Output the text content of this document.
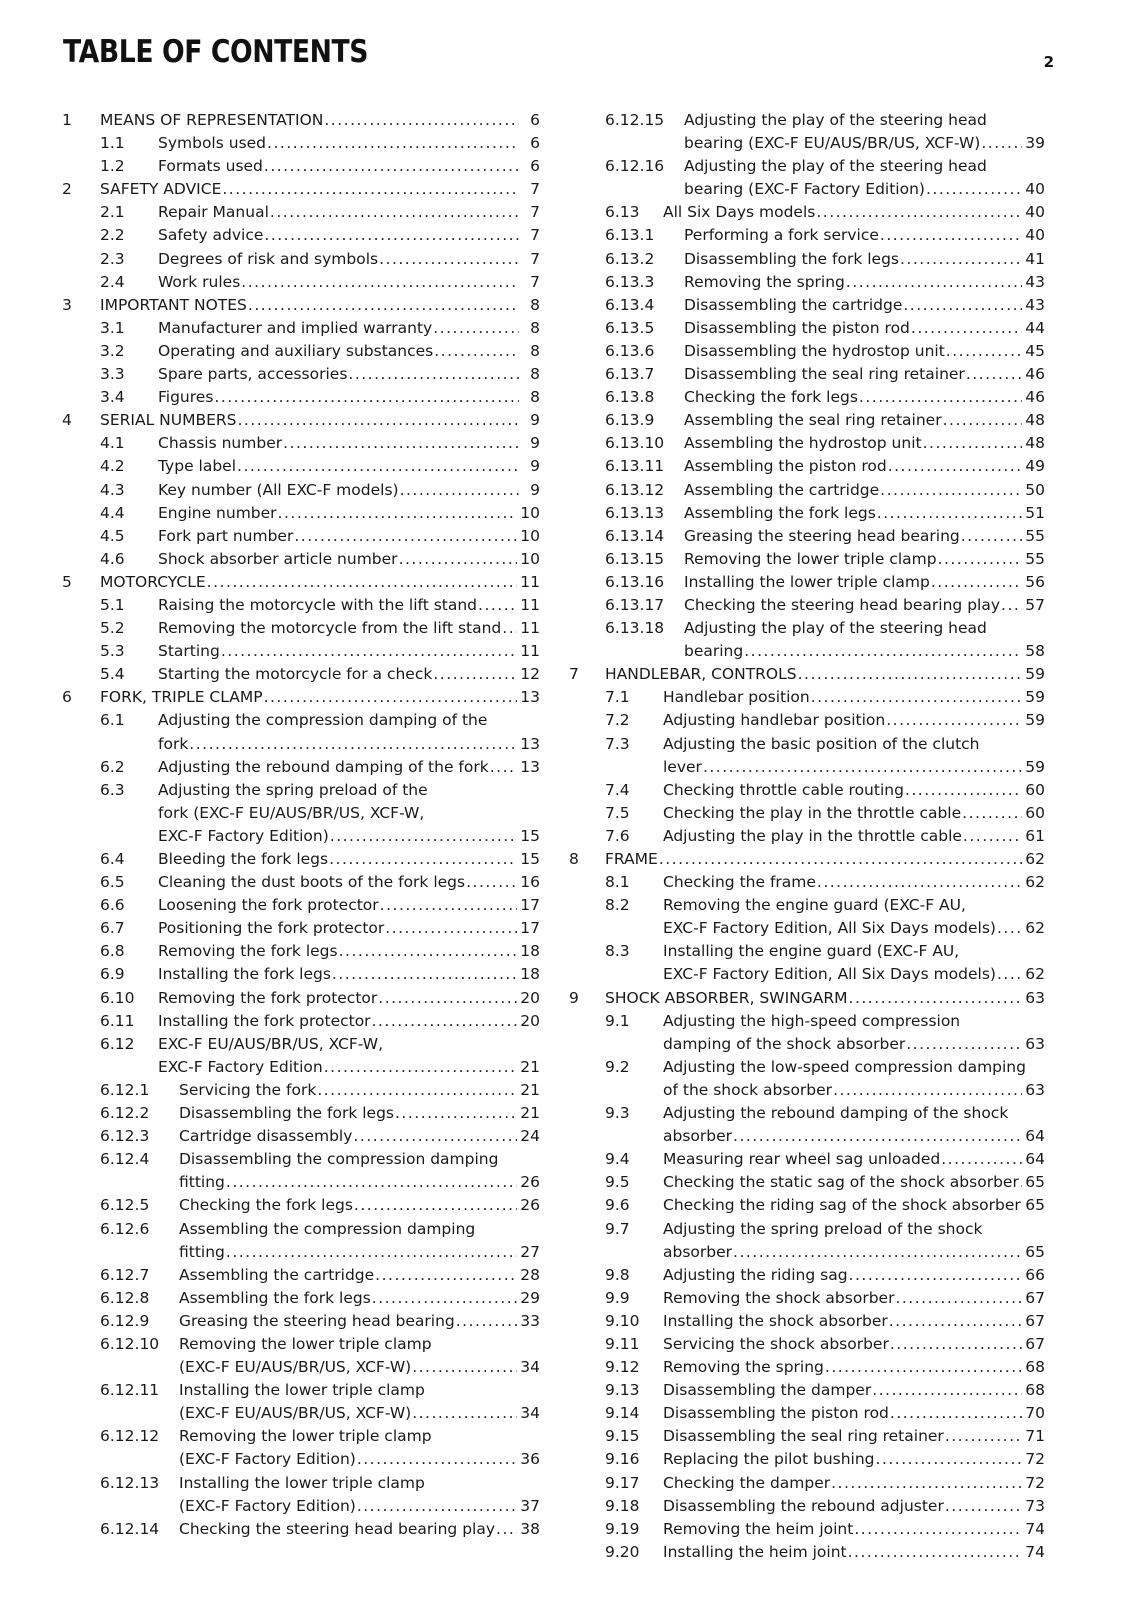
TABLE OF CONTENTS	2
1 MEANS OF REPRESENTATION .....	6
1.1 Symbols used .....	6
1.2 Formats used .....	6
2 SAFETY ADVICE .....	7
2.1 Repair Manual .....	7
2.2 Safety advice .....	7
2.3 Degrees of risk and symbols .....	7
2.4 Work rules .....	7
3 IMPORTANT NOTES .....	8
3.1 Manufacturer and implied warranty .....	8
3.2 Operating and auxiliary substances .....	8
3.3 Spare parts, accessories .....	8
3.4 Figures .....	8
4 SERIAL NUMBERS .....	9
4.1 Chassis number .....	9
4.2 Type label .....	9
4.3 Key number (All EXC-F models) .....	9
4.4 Engine number .....	10
4.5 Fork part number .....	10
4.6 Shock absorber article number .....	10
5 MOTORCYCLE .....	11
5.1 Raising the motorcycle with the lift stand .....	11
5.2 Removing the motorcycle from the lift stand ..... 11
5.3 Starting .....	11
5.4 Starting the motorcycle for a check .....	12
6 FORK, TRIPLE CLAMP .....	13
6.1 Adjusting the compression damping of the
fork .....	13
6.2 Adjusting the rebound damping of the fork ..... 13
6.3 Adjusting the spring preload of the
fork (EXC-F EU/AUS/BR/US, XCF-W,
EXC-F Factory Edition) .....	15
6.4 Bleeding the fork legs .....	15
6.5 Cleaning the dust boots of the fork legs .....	16
6.6 Loosening the fork protector .....	17
6.7 Positioning the fork protector .....	17
6.8 Removing the fork legs .....	18
6.9 Installing the fork legs .....	18
6.10 Removing the fork protector .....	20
6.11 Installing the fork protector .....	20
6.12 EXC-F EU/AUS/BR/US, XCF-W,
EXC-F Factory Edition .....	21
6.12.1 Servicing the fork .....	21
6.12.2 Disassembling the fork legs .....	21
6.12.3 Cartridge disassembly .....	24
6.12.4 Disassembling the compression damping
fitting .....	26
6.12.5 Checking the fork legs .....	26
6.12.6 Assembling the compression damping
fitting .....	27
6.12.7 Assembling the cartridge .....	28
6.12.8 Assembling the fork legs .....	29
6.12.9 Greasing the steering head bearing .....	33
6.12.10 Removing the lower triple clamp
(EXC-F EU/AUS/BR/US, XCF-W) .....	34
6.12.11 Installing the lower triple clamp
(EXC-F EU/AUS/BR/US, XCF-W) .....	34
6.12.12 Removing the lower triple clamp
(EXC-F Factory Edition) .....	36
6.12.13 Installing the lower triple clamp
(EXC-F Factory Edition) .....	37
6.12.14 Checking the steering head bearing play ..... 38
6.12.15 Adjusting the play of the steering head
bearing (EXC-F EU/AUS/BR/US, XCF-W) .....	39
6.12.16 Adjusting the play of the steering head
bearing (EXC-F Factory Edition) .....	40
6.13 All Six Days models .....	40
6.13.1 Performing a fork service .....	40
6.13.2 Disassembling the fork legs .....	41
6.13.3 Removing the spring .....	43
6.13.4 Disassembling the cartridge .....	43
6.13.5 Disassembling the piston rod .....	44
6.13.6 Disassembling the hydrostop unit .....	45
6.13.7 Disassembling the seal ring retainer .....	46
6.13.8 Checking the fork legs .....	46
6.13.9 Assembling the seal ring retainer .....	48
6.13.10 Assembling the hydrostop unit .....	48
6.13.11 Assembling the piston rod .....	49
6.13.12 Assembling the cartridge .....	50
6.13.13 Assembling the fork legs .....	51
6.13.14 Greasing the steering head bearing .....	55
6.13.15 Removing the lower triple clamp .....	55
6.13.16 Installing the lower triple clamp .....	56
6.13.17 Checking the steering head bearing play ..... 57
6.13.18 Adjusting the play of the steering head
bearing .....	58
7 HANDLEBAR, CONTROLS .....	59
7.1 Handlebar position .....	59
7.2 Adjusting handlebar position .....	59
7.3 Adjusting the basic position of the clutch
lever .....	59
7.4 Checking throttle cable routing .....	60
7.5 Checking the play in the throttle cable .....	60
7.6 Adjusting the play in the throttle cable .....	61
8 FRAME .....	62
8.1 Checking the frame .....	62
8.2 Removing the engine guard (EXC-F AU,
EXC-F Factory Edition, All Six Days models) ..... 62
8.3 Installing the engine guard (EXC-F AU,
EXC-F Factory Edition, All Six Days models) ..... 62
9 SHOCK ABSORBER, SWINGARM .....	63
9.1 Adjusting the high-speed compression
damping of the shock absorber .....	63
9.2 Adjusting the low-speed compression damping
of the shock absorber .....	63
9.3 Adjusting the rebound damping of the shock
absorber .....	64
9.4 Measuring rear wheel sag unloaded .....	64
9.5 Checking the static sag of the shock absorber ..... 65
9.6 Checking the riding sag of the shock absorber ..... 65
9.7 Adjusting the spring preload of the shock
absorber .....	65
9.8 Adjusting the riding sag .....	66
9.9 Removing the shock absorber .....	67
9.10 Installing the shock absorber .....	67
9.11 Servicing the shock absorber .....	67
9.12 Removing the spring .....	68
9.13 Disassembling the damper .....	68
9.14 Disassembling the piston rod .....	70
9.15 Disassembling the seal ring retainer .....	71
9.16 Replacing the pilot bushing .....	72
9.17 Checking the damper .....	72
9.18 Disassembling the rebound adjuster .....	73
9.19 Removing the heim joint .....	74
9.20 Installing the heim joint .....	74
